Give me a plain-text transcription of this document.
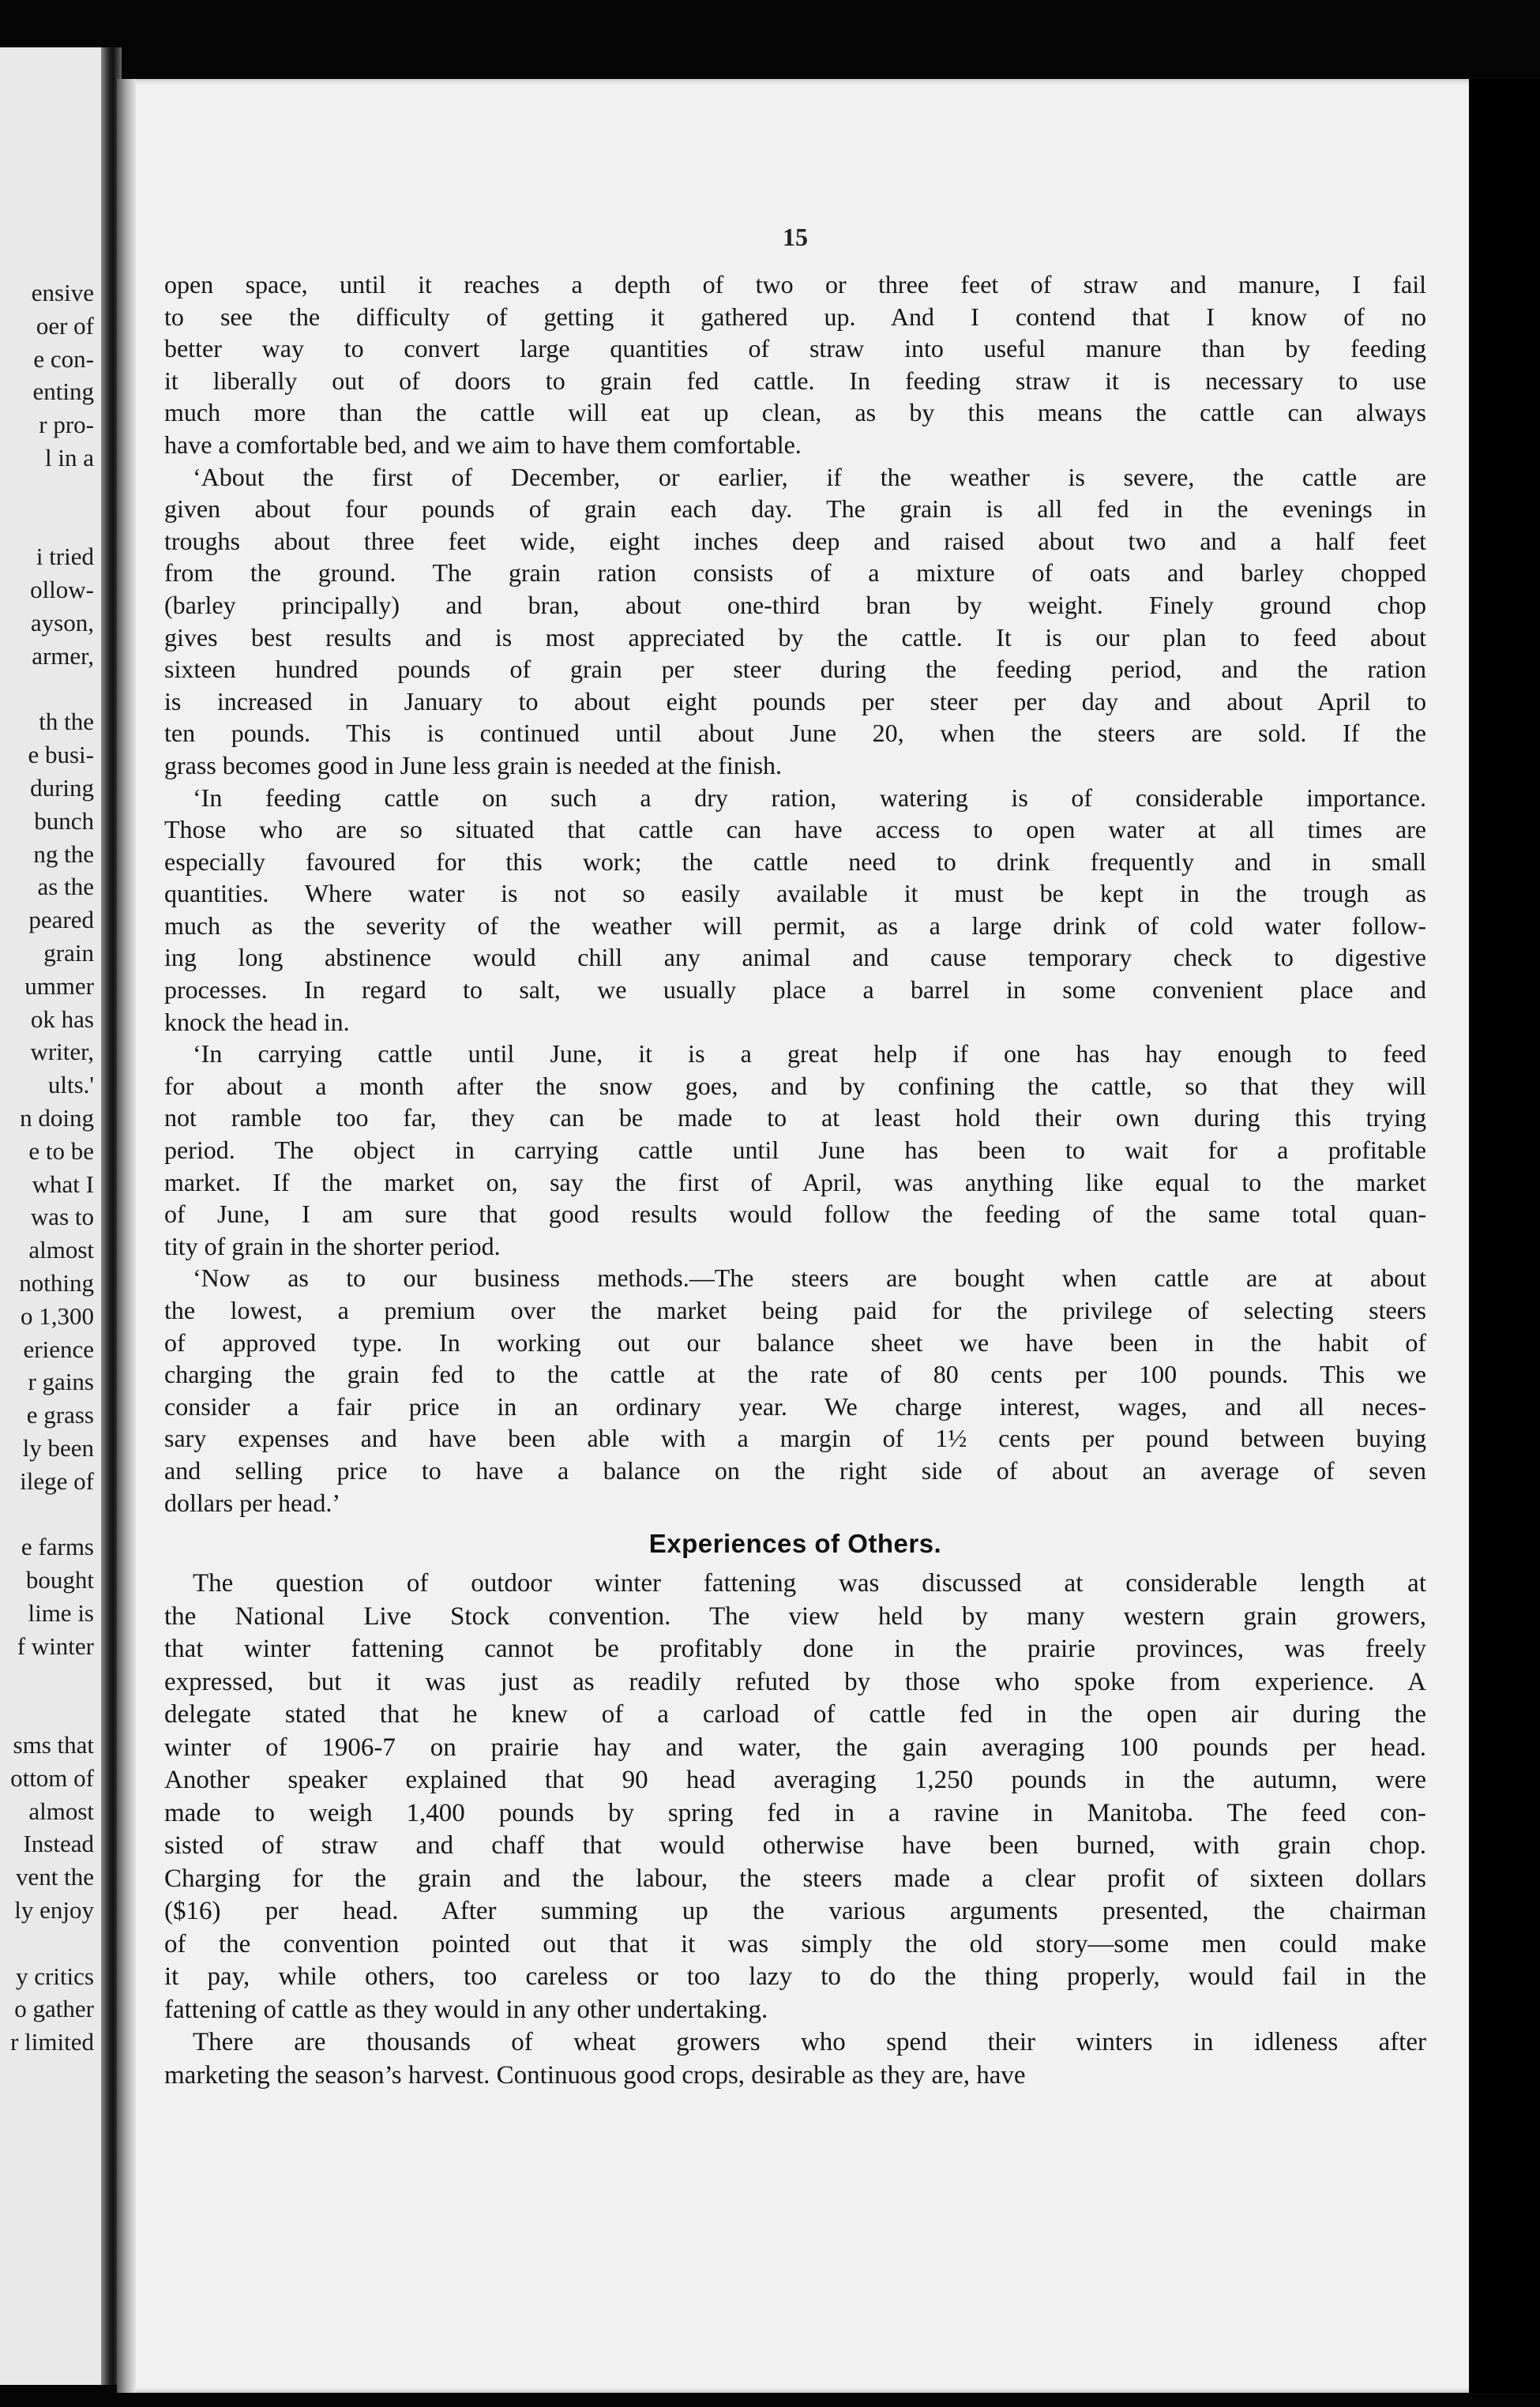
ensive
oer of
e con-
enting
r pro-
l in a
i tried
ollow-
ayson,
armer,
th the
e busi-
during
bunch
ng the
as the
peared
grain
ummer
ok has
writer,
ults.'
n doing
e to be
what I
was to
almost
nothing
o 1,300
erience
r gains
e grass
ly been
ilege of
e farms
bought
lime is
f winter
sms that
ottom of
almost
Instead
vent the
ly enjoy
y critics
o gather
r limited
15
open space, until it reaches a depth of two or three feet of straw and manure, I fail
to see the difficulty of getting it gathered up. And I contend that I know of no
better way to convert large quantities of straw into useful manure than by feeding
it liberally out of doors to grain fed cattle. In feeding straw it is necessary to use
much more than the cattle will eat up clean, as by this means the cattle can always
have a comfortable bed, and we aim to have them comfortable.
‘About the first of December, or earlier, if the weather is severe, the cattle are
given about four pounds of grain each day. The grain is all fed in the evenings in
troughs about three feet wide, eight inches deep and raised about two and a half feet
from the ground. The grain ration consists of a mixture of oats and barley chopped
(barley principally) and bran, about one-third bran by weight. Finely ground chop
gives best results and is most appreciated by the cattle. It is our plan to feed about
sixteen hundred pounds of grain per steer during the feeding period, and the ration
is increased in January to about eight pounds per steer per day and about April to
ten pounds. This is continued until about June 20, when the steers are sold. If the
grass becomes good in June less grain is needed at the finish.
‘In feeding cattle on such a dry ration, watering is of considerable importance.
Those who are so situated that cattle can have access to open water at all times are
especially favoured for this work; the cattle need to drink frequently and in small
quantities. Where water is not so easily available it must be kept in the trough as
much as the severity of the weather will permit, as a large drink of cold water follow-
ing long abstinence would chill any animal and cause temporary check to digestive
processes. In regard to salt, we usually place a barrel in some convenient place and
knock the head in.
‘In carrying cattle until June, it is a great help if one has hay enough to feed
for about a month after the snow goes, and by confining the cattle, so that they will
not ramble too far, they can be made to at least hold their own during this trying
period. The object in carrying cattle until June has been to wait for a profitable
market. If the market on, say the first of April, was anything like equal to the market
of June, I am sure that good results would follow the feeding of the same total quan-
tity of grain in the shorter period.
‘Now as to our business methods.—The steers are bought when cattle are at about
the lowest, a premium over the market being paid for the privilege of selecting steers
of approved type. In working out our balance sheet we have been in the habit of
charging the grain fed to the cattle at the rate of 80 cents per 100 pounds. This we
consider a fair price in an ordinary year. We charge interest, wages, and all neces-
sary expenses and have been able with a margin of 1½ cents per pound between buying
and selling price to have a balance on the right side of about an average of seven
dollars per head.’
Experiences of Others.
The question of outdoor winter fattening was discussed at considerable length at
the National Live Stock convention. The view held by many western grain growers,
that winter fattening cannot be profitably done in the prairie provinces, was freely
expressed, but it was just as readily refuted by those who spoke from experience. A
delegate stated that he knew of a carload of cattle fed in the open air during the
winter of 1906-7 on prairie hay and water, the gain averaging 100 pounds per head.
Another speaker explained that 90 head averaging 1,250 pounds in the autumn, were
made to weigh 1,400 pounds by spring fed in a ravine in Manitoba. The feed con-
sisted of straw and chaff that would otherwise have been burned, with grain chop.
Charging for the grain and the labour, the steers made a clear profit of sixteen dollars
($16) per head. After summing up the various arguments presented, the chairman
of the convention pointed out that it was simply the old story—some men could make
it pay, while others, too careless or too lazy to do the thing properly, would fail in the
fattening of cattle as they would in any other undertaking.
There are thousands of wheat growers who spend their winters in idleness after
marketing the season’s harvest. Continuous good crops, desirable as they are, have
